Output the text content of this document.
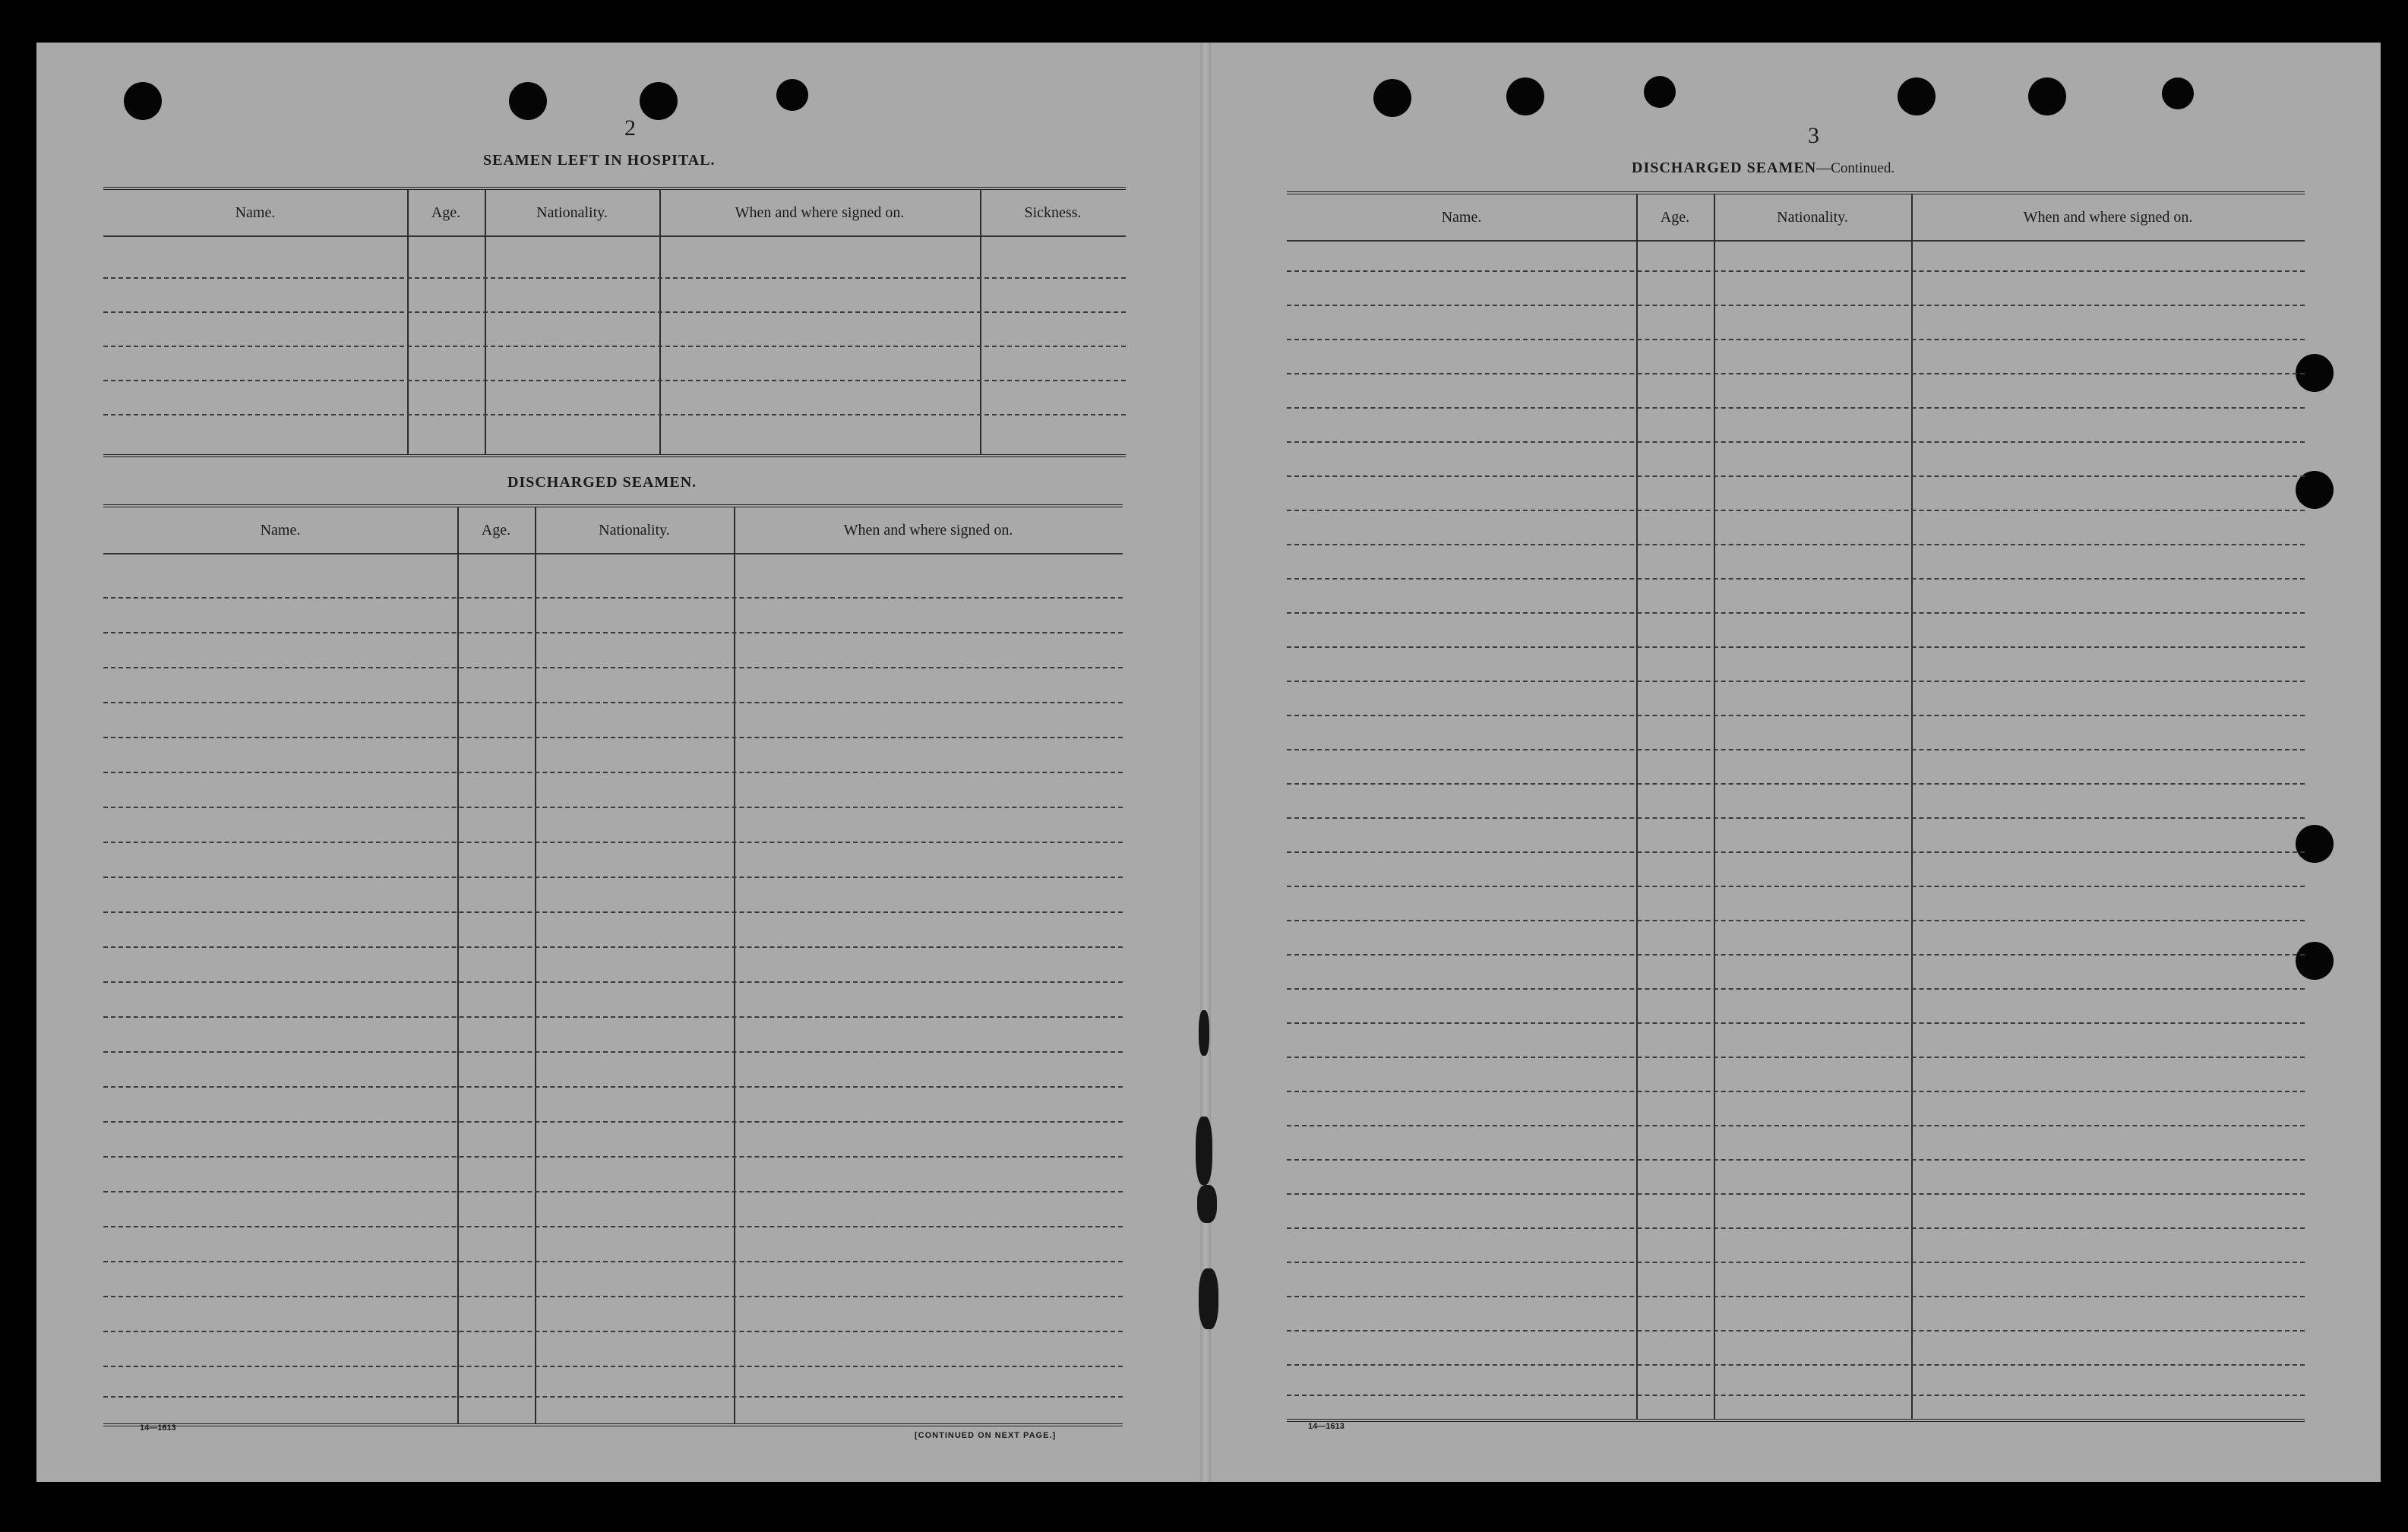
2
SEAMEN LEFT IN HOSPITAL.
Name.	Age.	Nationality.	When and where signed on.	Sickness.
DISCHARGED SEAMEN.
Name.	Age.	Nationality.	When and where signed on.
14—1613
[CONTINUED ON NEXT PAGE.]
3
DISCHARGED SEAMEN—Continued.
Name.	Age.	Nationality.	When and where signed on.
14—1613
